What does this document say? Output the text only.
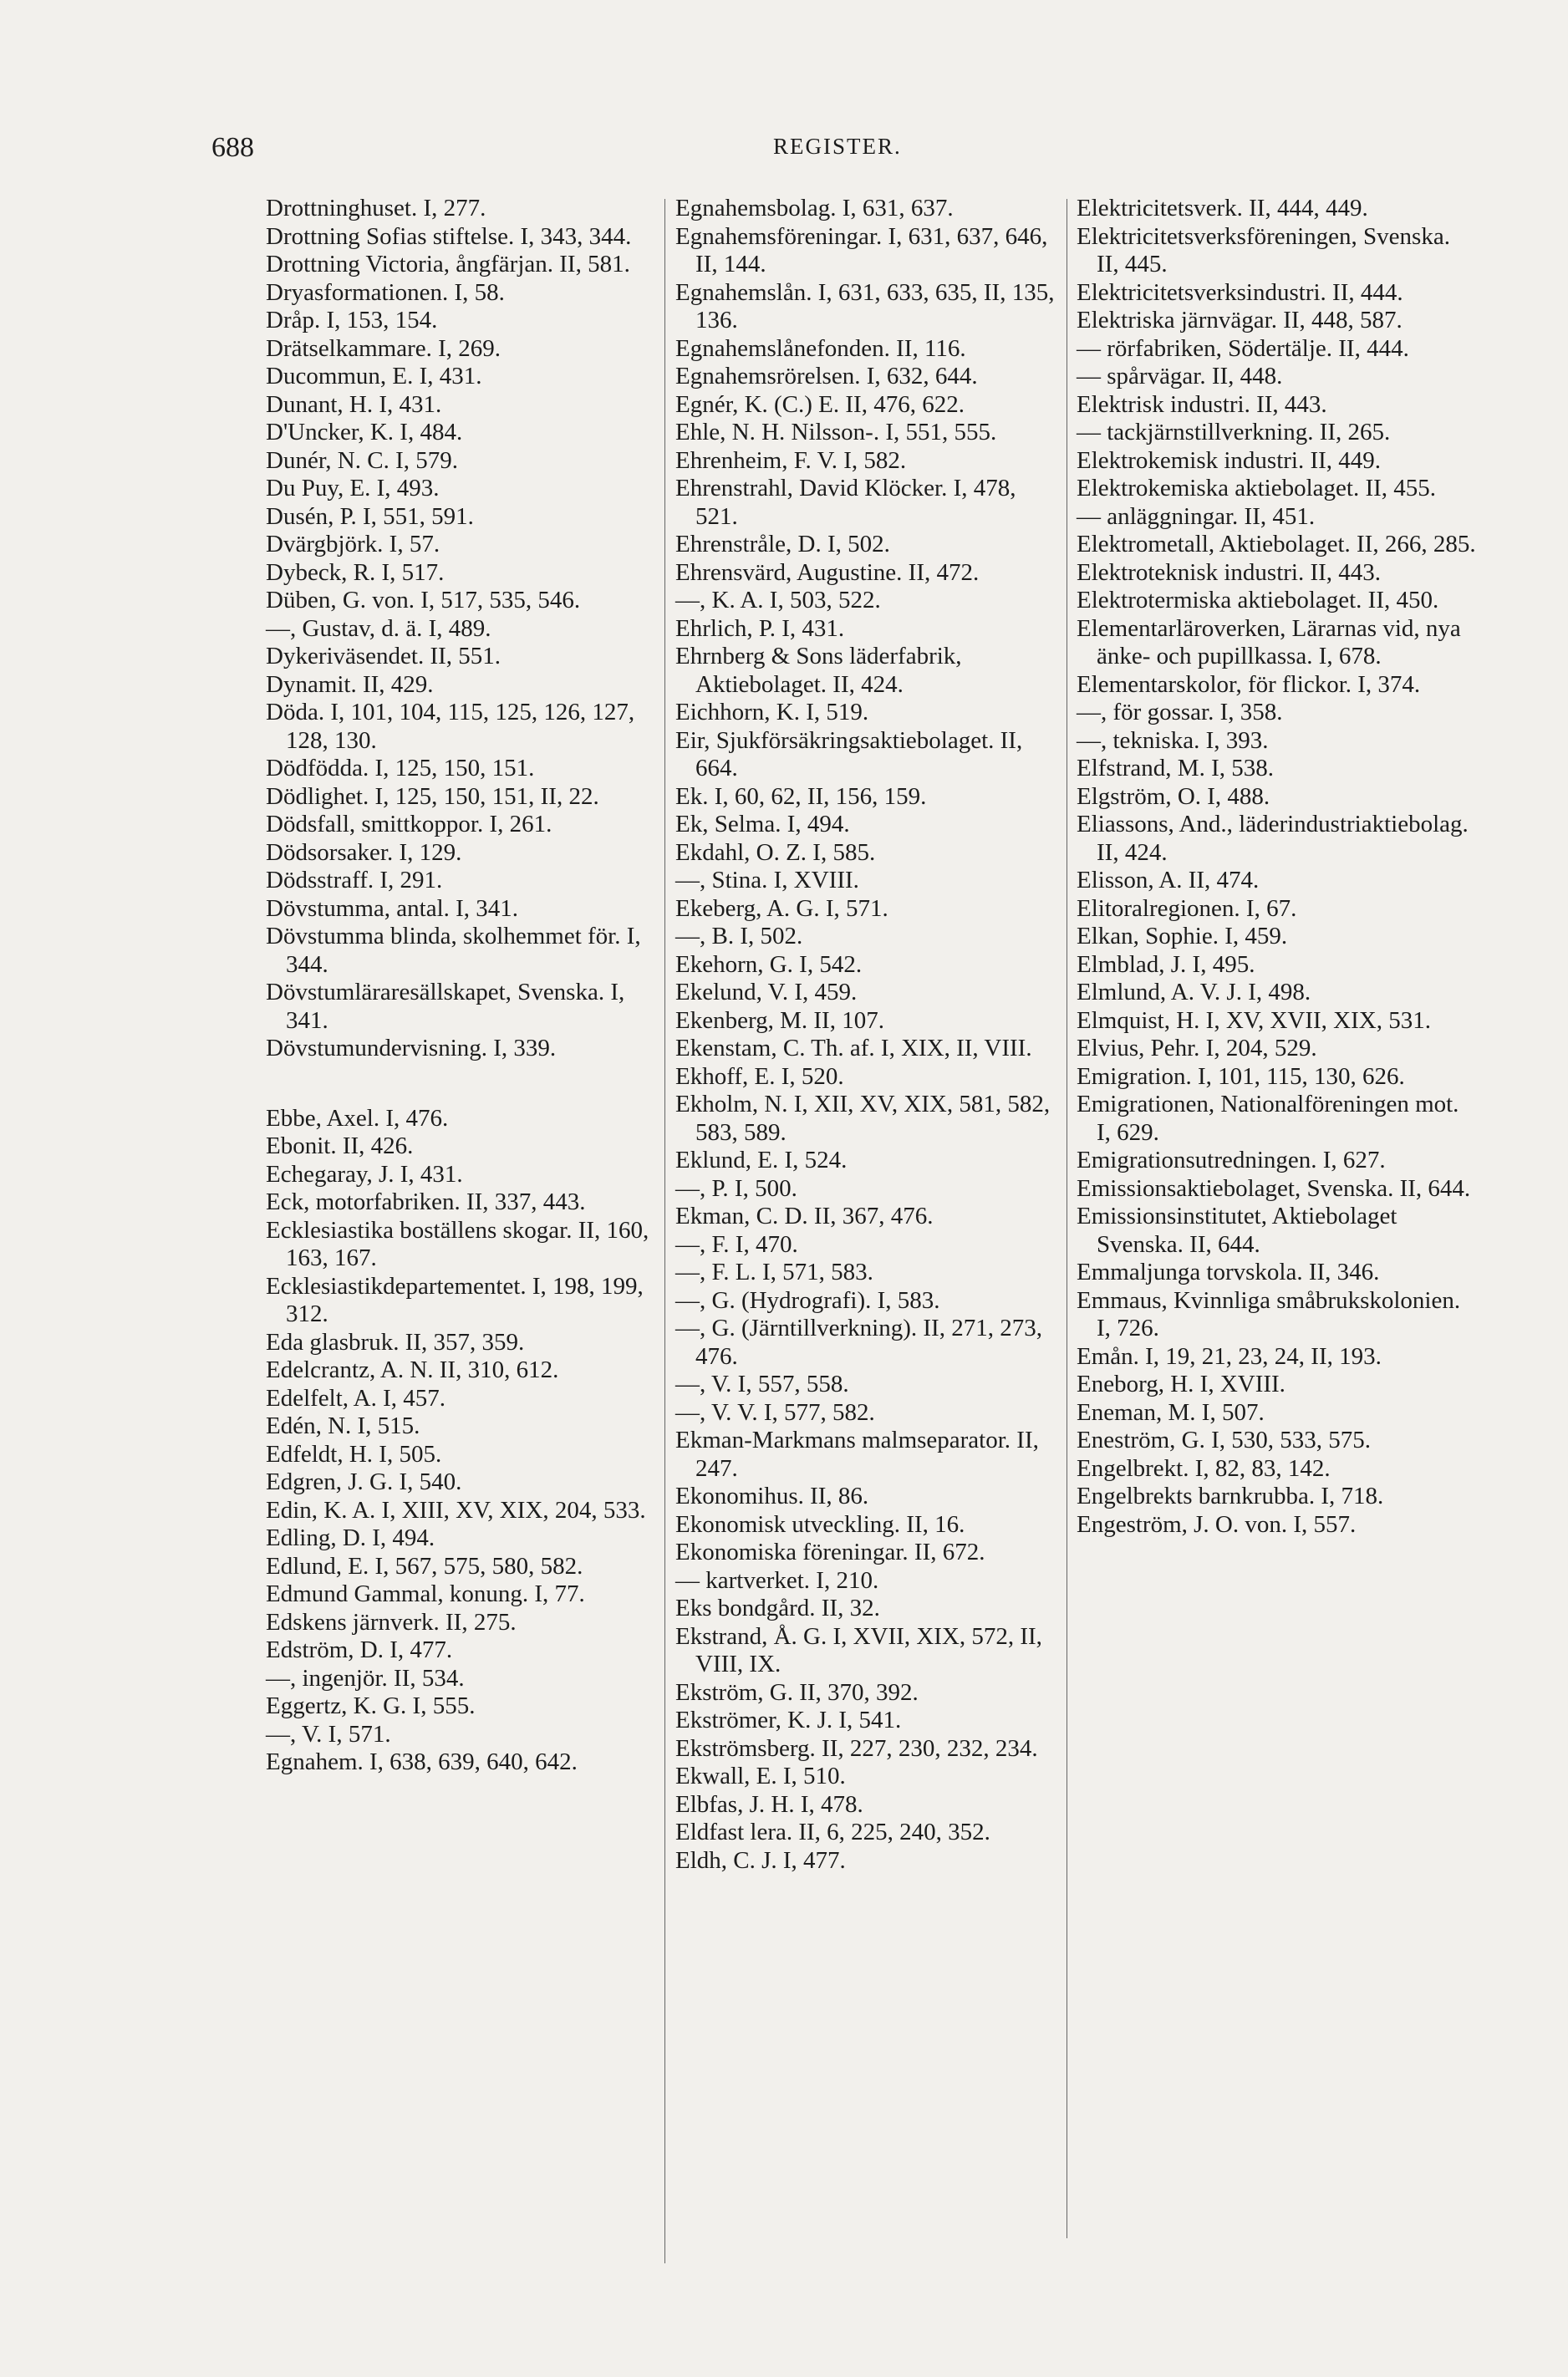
688	REGISTER.
Drottninghuset. I, 277.
Drottning Sofias stiftelse. I, 343, 344.
Drottning Victoria, ångfärjan. II, 581.
Dryasformationen. I, 58.
Dråp. I, 153, 154.
Drätselkammare. I, 269.
Ducommun, E. I, 431.
Dunant, H. I, 431.
D'Uncker, K. I, 484.
Dunér, N. C. I, 579.
Du Puy, E. I, 493.
Dusén, P. I, 551, 591.
Dvärgbjörk. I, 57.
Dybeck, R. I, 517.
Düben, G. von. I, 517, 535, 546.
—, Gustav, d. ä. I, 489.
Dykeriväsendet. II, 551.
Dynamit. II, 429.
Döda. I, 101, 104, 115, 125, 126, 127, 128, 130.
Dödfödda. I, 125, 150, 151.
Dödlighet. I, 125, 150, 151, II, 22.
Dödsfall, smittkoppor. I, 261.
Dödsorsaker. I, 129.
Dödsstraff. I, 291.
Dövstumma, antal. I, 341.
Dövstumma blinda, skolhemmet för. I, 344.
Dövstumläraresällskapet, Svenska. I, 341.
Dövstumundervisning. I, 339.
Ebbe, Axel. I, 476.
Ebonit. II, 426.
Echegaray, J. I, 431.
Eck, motorfabriken. II, 337, 443.
Ecklesiastika boställens skogar. II, 160, 163, 167.
Ecklesiastikdepartementet. I, 198, 199, 312.
Eda glasbruk. II, 357, 359.
Edelcrantz, A. N. II, 310, 612.
Edelfelt, A. I, 457.
Edén, N. I, 515.
Edfeldt, H. I, 505.
Edgren, J. G. I, 540.
Edin, K. A. I, XIII, XV, XIX, 204, 533.
Edling, D. I, 494.
Edlund, E. I, 567, 575, 580, 582.
Edmund Gammal, konung. I, 77.
Edskens järnverk. II, 275.
Edström, D. I, 477.
—, ingenjör. II, 534.
Eggertz, K. G. I, 555.
—, V. I, 571.
Egnahem. I, 638, 639, 640, 642.
Egnahemsbolag. I, 631, 637.
Egnahemsföreningar. I, 631, 637, 646, II, 144.
Egnahemslån. I, 631, 633, 635, II, 135, 136.
Egnahemslånefonden. II, 116.
Egnahemsrörelsen. I, 632, 644.
Egnér, K. (C.) E. II, 476, 622.
Ehle, N. H. Nilsson-. I, 551, 555.
Ehrenheim, F. V. I, 582.
Ehrenstrahl, David Klöcker. I, 478, 521.
Ehrenstråle, D. I, 502.
Ehrensvärd, Augustine. II, 472.
—, K. A. I, 503, 522.
Ehrlich, P. I, 431.
Ehrnberg & Sons läderfabrik, Aktiebolaget. II, 424.
Eichhorn, K. I, 519.
Eir, Sjukförsäkringsaktiebolaget. II, 664.
Ek. I, 60, 62, II, 156, 159.
Ek, Selma. I, 494.
Ekdahl, O. Z. I, 585.
—, Stina. I, XVIII.
Ekeberg, A. G. I, 571.
—, B. I, 502.
Ekehorn, G. I, 542.
Ekelund, V. I, 459.
Ekenberg, M. II, 107.
Ekenstam, C. Th. af. I, XIX, II, VIII.
Ekhoff, E. I, 520.
Ekholm, N. I, XII, XV, XIX, 581, 582, 583, 589.
Eklund, E. I, 524.
—, P. I, 500.
Ekman, C. D. II, 367, 476.
—, F. I, 470.
—, F. L. I, 571, 583.
—, G. (Hydrografi). I, 583.
—, G. (Järntillverkning). II, 271, 273, 476.
—, V. I, 557, 558.
—, V. V. I, 577, 582.
Ekman-Markmans malmseparator. II, 247.
Ekonomihus. II, 86.
Ekonomisk utveckling. II, 16.
Ekonomiska föreningar. II, 672.
— kartverket. I, 210.
Eks bondgård. II, 32.
Ekstrand, Å. G. I, XVII, XIX, 572, II, VIII, IX.
Ekström, G. II, 370, 392.
Ekströmer, K. J. I, 541.
Ekströmsberg. II, 227, 230, 232, 234.
Ekwall, E. I, 510.
Elbfas, J. H. I, 478.
Eldfast lera. II, 6, 225, 240, 352.
Eldh, C. J. I, 477.
Elektricitetsverk. II, 444, 449.
Elektricitetsverksföreningen, Svenska. II, 445.
Elektricitetsverksindustri. II, 444.
Elektriska järnvägar. II, 448, 587.
— rörfabriken, Södertälje. II, 444.
— spårvägar. II, 448.
Elektrisk industri. II, 443.
— tackjärnstillverkning. II, 265.
Elektrokemisk industri. II, 449.
Elektrokemiska aktiebolaget. II, 455.
— anläggningar. II, 451.
Elektrometall, Aktiebolaget. II, 266, 285.
Elektroteknisk industri. II, 443.
Elektrotermiska aktiebolaget. II, 450.
Elementarläroverken, Lärarnas vid, nya änke- och pupillkassa. I, 678.
Elementarskolor, för flickor. I, 374.
—, för gossar. I, 358.
—, tekniska. I, 393.
Elfstrand, M. I, 538.
Elgström, O. I, 488.
Eliassons, And., läderindustriaktiebolag. II, 424.
Elisson, A. II, 474.
Elitoralregionen. I, 67.
Elkan, Sophie. I, 459.
Elmblad, J. I, 495.
Elmlund, A. V. J. I, 498.
Elmquist, H. I, XV, XVII, XIX, 531.
Elvius, Pehr. I, 204, 529.
Emigration. I, 101, 115, 130, 626.
Emigrationen, Nationalföreningen mot. I, 629.
Emigrationsutredningen. I, 627.
Emissionsaktiebolaget, Svenska. II, 644.
Emissionsinstitutet, Aktiebolaget Svenska. II, 644.
Emmaljunga torvskola. II, 346.
Emmaus, Kvinnliga småbrukskolonien. I, 726.
Emån. I, 19, 21, 23, 24, II, 193.
Eneborg, H. I, XVIII.
Eneman, M. I, 507.
Eneström, G. I, 530, 533, 575.
Engelbrekt. I, 82, 83, 142.
Engelbrekts barnkrubba. I, 718.
Engeström, J. O. von. I, 557.
